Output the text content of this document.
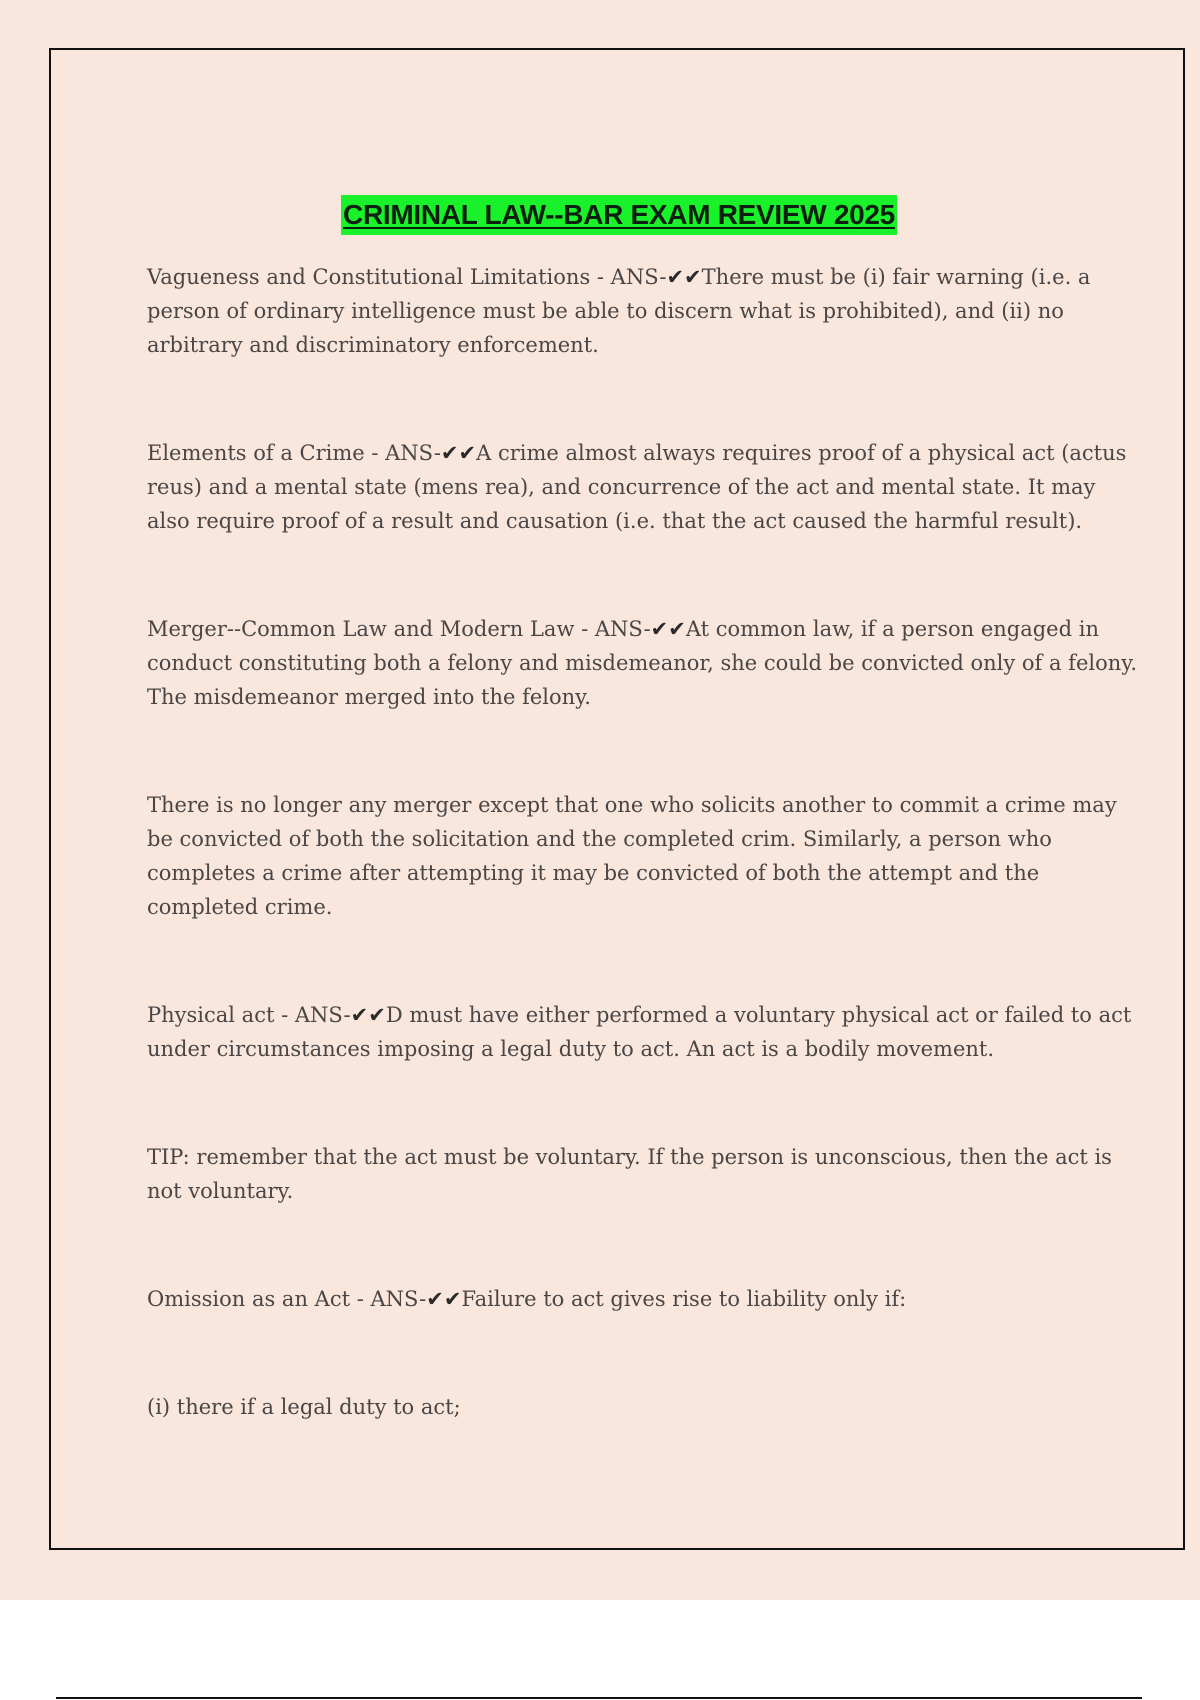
CRIMINAL LAW--BAR EXAM REVIEW 2025

Vagueness and Constitutional Limitations - ANS-✔✔There must be (i) fair warning (i.e. a person of ordinary intelligence must be able to discern what is prohibited), and (ii) no arbitrary and discriminatory enforcement.

Elements of a Crime - ANS-✔✔A crime almost always requires proof of a physical act (actus reus) and a mental state (mens rea), and concurrence of the act and mental state. It may also require proof of a result and causation (i.e. that the act caused the harmful result).

Merger--Common Law and Modern Law - ANS-✔✔At common law, if a person engaged in conduct constituting both a felony and misdemeanor, she could be convicted only of a felony. The misdemeanor merged into the felony.

There is no longer any merger except that one who solicits another to commit a crime may be convicted of both the solicitation and the completed crim. Similarly, a person who completes a crime after attempting it may be convicted of both the attempt and the completed crime.

Physical act - ANS-✔✔D must have either performed a voluntary physical act or failed to act under circumstances imposing a legal duty to act. An act is a bodily movement.

TIP: remember that the act must be voluntary. If the person is unconscious, then the act is not voluntary.

Omission as an Act - ANS-✔✔Failure to act gives rise to liability only if:

(i) there if a legal duty to act;
